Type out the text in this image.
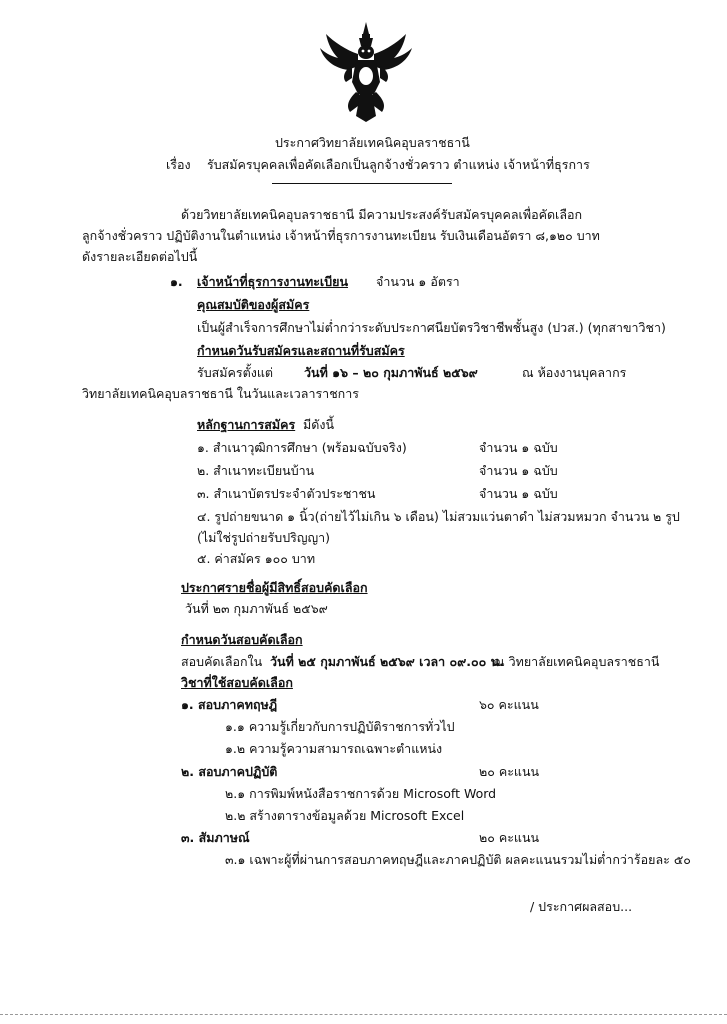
ประกาศวิทยาลัยเทคนิคอุบลราชธานี
เรื่อง รับสมัครบุคคลเพื่อคัดเลือกเป็นลูกจ้างชั่วคราว ตำแหน่ง เจ้าหน้าที่ธุรการ
ด้วยวิทยาลัยเทคนิคอุบลราชธานี มีความประสงค์รับสมัครบุคคลเพื่อคัดเลือก
ลูกจ้างชั่วคราว ปฏิบัติงานในตำแหน่ง เจ้าหน้าที่ธุรการงานทะเบียน รับเงินเดือนอัตรา ๘,๑๒๐ บาท
ดังรายละเอียดต่อไปนี้
๑. เจ้าหน้าที่ธุรการงานทะเบียน จำนวน ๑ อัตรา
คุณสมบัติของผู้สมัคร
เป็นผู้สำเร็จการศึกษาไม่ต่ำกว่าระดับประกาศนียบัตรวิชาชีพชั้นสูง (ปวส.) (ทุกสาขาวิชา)
กำหนดวันรับสมัครและสถานที่รับสมัคร
รับสมัครตั้งแต่ วันที่ ๑๖ – ๒๐ กุมภาพันธ์ ๒๕๖๙	ณ ห้องงานบุคลากร
วิทยาลัยเทคนิคอุบลราชธานี ในวันและเวลาราชการ
หลักฐานการสมัคร มีดังนี้
๑. สำเนาวุฒิการศึกษา (พร้อมฉบับจริง)	จำนวน ๑ ฉบับ
๒. สำเนาทะเบียนบ้าน	จำนวน ๑ ฉบับ
๓. สำเนาบัตรประจำตัวประชาชน	จำนวน ๑ ฉบับ
๔. รูปถ่ายขนาด ๑ นิ้ว(ถ่ายไว้ไม่เกิน ๖ เดือน) ไม่สวมแว่นตาดำ ไม่สวมหมวก จำนวน ๒ รูป
(ไม่ใช่รูปถ่ายรับปริญญา)
๕. ค่าสมัคร ๑๐๐ บาท
ประกาศรายชื่อผู้มีสิทธิ์สอบคัดเลือก
วันที่ ๒๓ กุมภาพันธ์ ๒๕๖๙
กำหนดวันสอบคัดเลือก
สอบคัดเลือกใน วันที่ ๒๕ กุมภาพันธ์ ๒๕๖๙ เวลา ๐๙.๐๐ น.
ณ วิทยาลัยเทคนิคอุบลราชธานี
วิชาที่ใช้สอบคัดเลือก
๑. สอบภาคทฤษฎี	๖๐ คะแนน
๑.๑ ความรู้เกี่ยวกับการปฏิบัติราชการทั่วไป
๑.๒ ความรู้ความสามารถเฉพาะตำแหน่ง
๒. สอบภาคปฏิบัติ	๒๐ คะแนน
๒.๑ การพิมพ์หนังสือราชการด้วย Microsoft Word
๒.๒ สร้างตารางข้อมูลด้วย Microsoft Excel
๓. สัมภาษณ์	๒๐ คะแนน
๓.๑ เฉพาะผู้ที่ผ่านการสอบภาคทฤษฎีและภาคปฏิบัติ ผลคะแนนรวมไม่ต่ำกว่าร้อยละ ๕๐
/ ประกาศผลสอบ...
